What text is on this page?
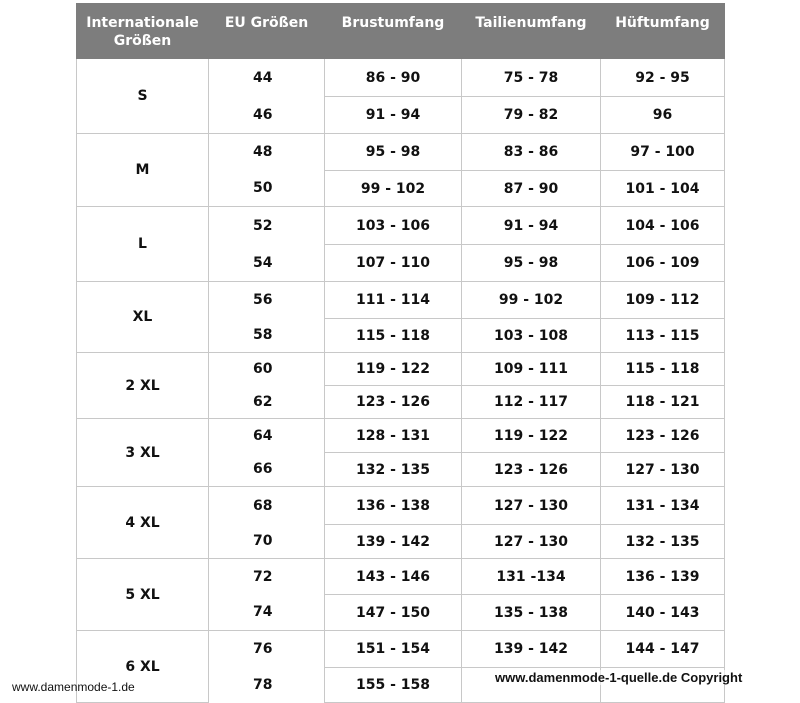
Internationale Größen	EU Größen	Brustumfang	Tailienumfang	Hüftumfang
S	44	86 - 90	75 - 78	92 - 95
	46	91 - 94	79 - 82	96
M	48	95 - 98	83 - 86	97 - 100
	50	99 - 102	87 - 90	101 - 104
L	52	103 - 106	91 - 94	104 - 106
	54	107 - 110	95 - 98	106 - 109
XL	56	111 - 114	99 - 102	109 - 112
	58	115 - 118	103 - 108	113 - 115
2 XL	60	119 - 122	109 - 111	115 - 118
	62	123 - 126	112 - 117	118 - 121
3 XL	64	128 - 131	119 - 122	123 - 126
	66	132 - 135	123 - 126	127 - 130
4 XL	68	136 - 138	127 - 130	131 - 134
	70	139 - 142	127 - 130	132 - 135
5 XL	72	143 - 146	131 -134	136 - 139
	74	147 - 150	135 - 138	140 - 143
6 XL	76	151 - 154	139 - 142	144 - 147
	78	155 - 158		
www.damenmode-1.de
www.damenmode-1-quelle.de Copyright
